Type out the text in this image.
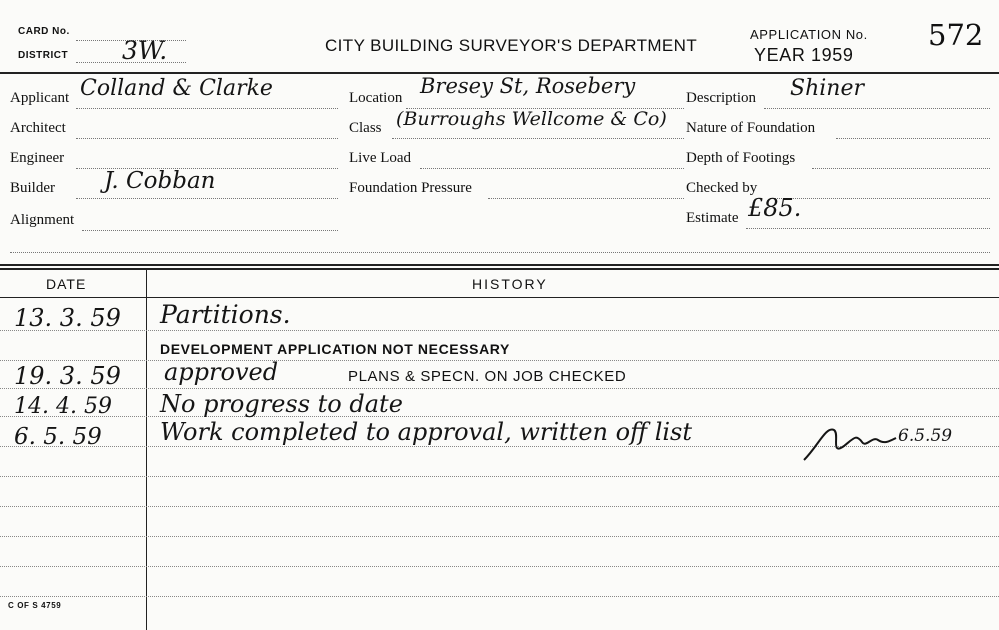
CARD No.
DISTRICT 3W.	CITY BUILDING SURVEYOR'S DEPARTMENT
APPLICATION No.
YEAR 1959
572
Applicant Colland & Clarke
Architect
Engineer
Builder J. Cobban
Alignment
Location Bresey St, Rosebery
Class (Burroughs Wellcome & Co)
Live Load
Foundation Pressure
Description Shiner
Nature of Foundation
Depth of Footings
Checked by
Estimate £85.
DATE	HISTORY
13. 3. 59 Partitions.
DEVELOPMENT APPLICATION NOT NECESSARY
19. 3. 59 approved	PLANS & SPECN. ON JOB CHECKED
14. 4. 59 No progress to date
6. 5. 59 Work completed to approval, written off list	6.5.59
C OF S 4759
